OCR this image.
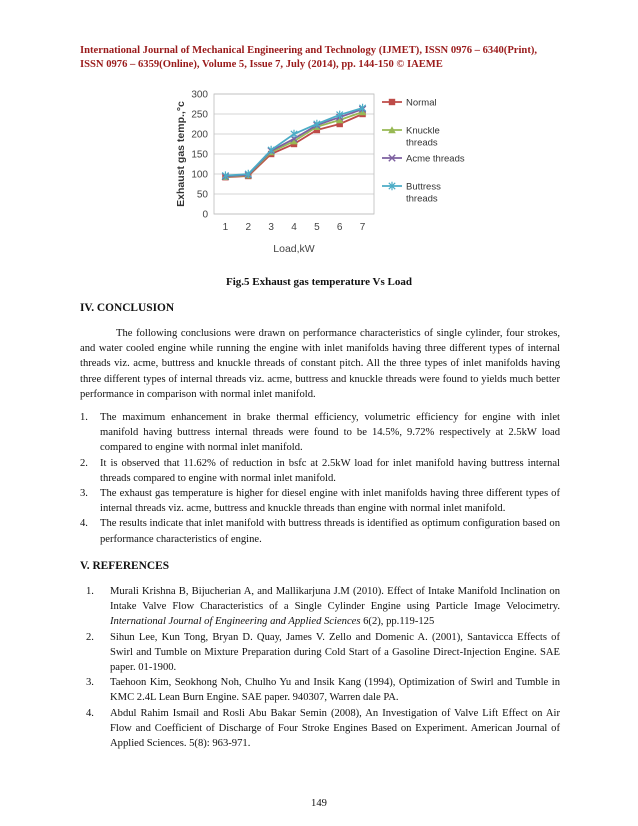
International Journal of Mechanical Engineering and Technology (IJMET), ISSN 0976 – 6340(Print),
ISSN 0976 – 6359(Online), Volume 5, Issue 7, July (2014), pp. 144-150 © IAEME
0
50
100
150
200
250
300
1 2 3 4 5 6 7
Load,kW
Exhaust gas temp.,°c	Normal
Knuckle threads
Acme threads
Buttress threads
Fig.5 Exhaust gas temperature Vs Load
IV. CONCLUSION

The following conclusions were drawn on performance characteristics of single cylinder, four strokes, and water cooled engine while running the engine with inlet manifolds having three different types of internal threads viz. acme, buttress and knuckle threads of constant pitch. All the three types of inlet manifolds having three different types of internal threads viz. acme, buttress and knuckle threads were found to yields much better performance in comparison with normal inlet manifold.

1. The maximum enhancement in brake thermal efficiency, volumetric efficiency for engine with inlet manifold having buttress internal threads were found to be 14.5%, 9.72% respectively at 2.5kW load compared to engine with normal inlet manifold.
2. It is observed that 11.62% of reduction in bsfc at 2.5kW load for inlet manifold having buttress internal threads compared to engine with normal inlet manifold.
3. The exhaust gas temperature is higher for diesel engine with inlet manifolds having three different types of internal threads viz. acme, buttress and knuckle threads than engine with normal inlet manifold.
4. The results indicate that inlet manifold with buttress threads is identified as optimum configuration based on performance characteristics of engine.
V. REFERENCES
1. Murali Krishna B, Bijucherian A, and Mallikarjuna J.M (2010). Effect of Intake Manifold Inclination on Intake Valve Flow Characteristics of a Single Cylinder Engine using Particle Image Velocimetry. International Journal of Engineering and Applied Sciences 6(2), pp.119-125
2. Sihun Lee, Kun Tong, Bryan D. Quay, James V. Zello and Domenic A. (2001), Santavicca Effects of Swirl and Tumble on Mixture Preparation during Cold Start of a Gasoline Direct-Injection Engine. SAE paper. 01-1900.
3. Taehoon Kim, Seokhong Noh, Chulho Yu and Insik Kang (1994), Optimization of Swirl and Tumble in KMC 2.4L Lean Burn Engine. SAE paper. 940307, Warren dale PA.
4. Abdul Rahim Ismail and Rosli Abu Bakar Semin (2008), An Investigation of Valve Lift Effect on Air Flow and Coefficient of Discharge of Four Stroke Engines Based on Experiment. American Journal of Applied Sciences. 5(8): 963-971.
149
